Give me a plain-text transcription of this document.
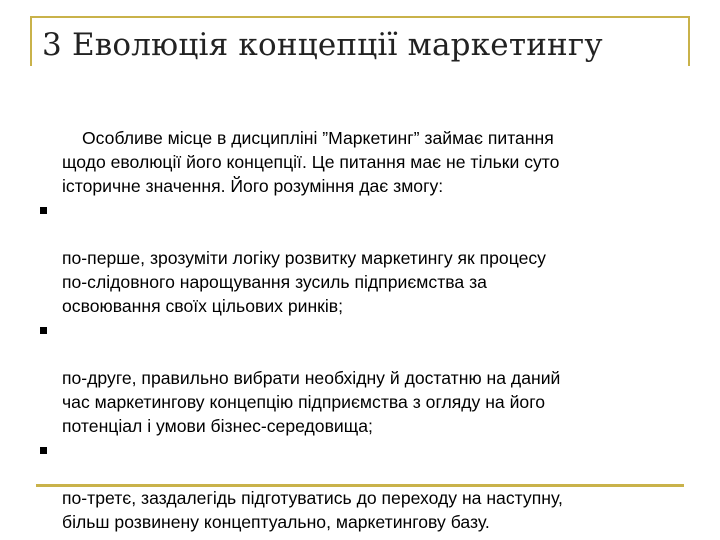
3 Еволюція концепції маркетингу

Особливе місце в дисципліні ”Маркетинг” займає питання
щодо еволюції його концепції. Це питання має не тільки суто
історичне значення. Його розуміння дає змогу:

по-перше, зрозуміти логіку розвитку маркетингу як процесу
по-слідовного нарощування зусиль підприємства за
освоювання своїх цільових ринків;

по-друге, правильно вибрати необхідну й достатню на даний
час маркетингову концепцію підприємства з огляду на його
потенціал і умови бізнес-середовища;

по-третє, заздалегідь підготуватись до переходу на наступну,
більш розвинену концептуально, маркетингову базу.
